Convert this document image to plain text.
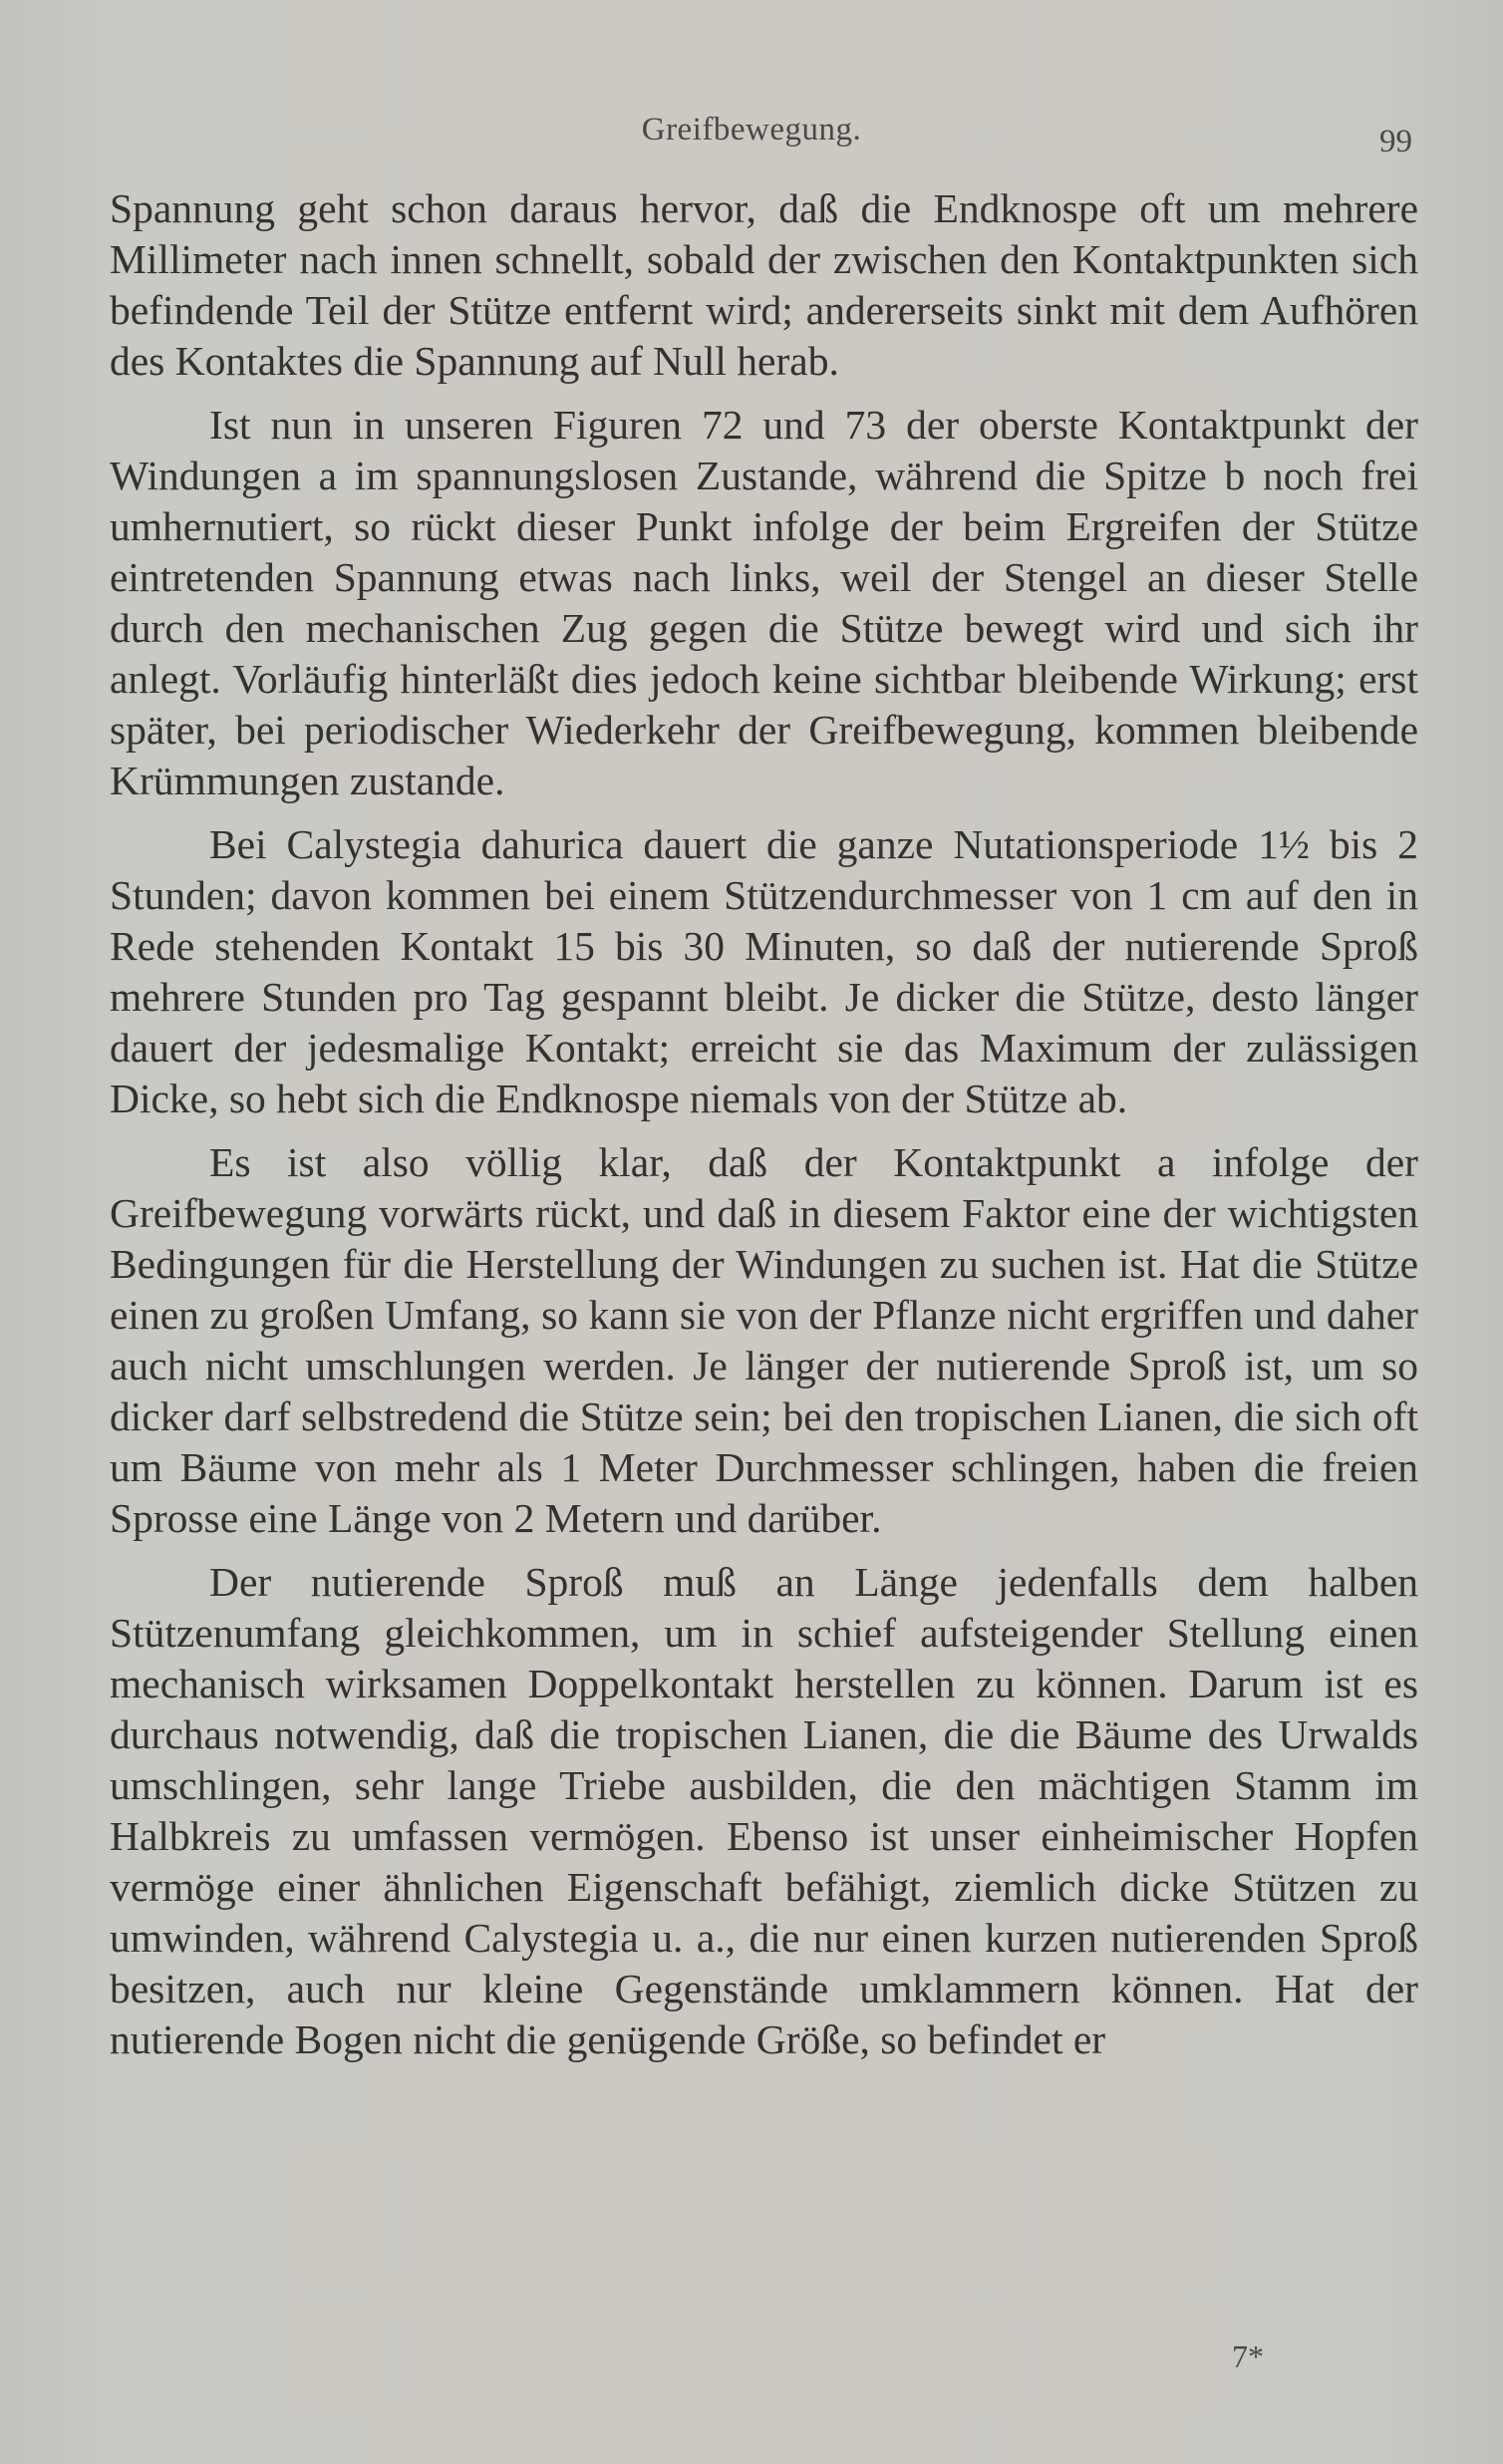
Greifbewegung.	99

Spannung geht schon daraus hervor, daß die Endknospe oft um mehrere Millimeter nach innen schnellt, sobald der zwischen den Kontaktpunkten sich befindende Teil der Stütze entfernt wird; andererseits sinkt mit dem Aufhören des Kontaktes die Spannung auf Null herab.

Ist nun in unseren Figuren 72 und 73 der oberste Kontaktpunkt der Windungen a im spannungslosen Zustande, während die Spitze b noch frei umhernutiert, so rückt dieser Punkt infolge der beim Ergreifen der Stütze eintretenden Spannung etwas nach links, weil der Stengel an dieser Stelle durch den mechanischen Zug gegen die Stütze bewegt wird und sich ihr anlegt. Vorläufig hinterläßt dies jedoch keine sichtbar bleibende Wirkung; erst später, bei periodischer Wiederkehr der Greifbewegung, kommen bleibende Krümmungen zustande.

Bei Calystegia dahurica dauert die ganze Nutationsperiode 1½ bis 2 Stunden; davon kommen bei einem Stützendurchmesser von 1 cm auf den in Rede stehenden Kontakt 15 bis 30 Minuten, so daß der nutierende Sproß mehrere Stunden pro Tag gespannt bleibt. Je dicker die Stütze, desto länger dauert der jedesmalige Kontakt; erreicht sie das Maximum der zulässigen Dicke, so hebt sich die Endknospe niemals von der Stütze ab.

Es ist also völlig klar, daß der Kontaktpunkt a infolge der Greifbewegung vorwärts rückt, und daß in diesem Faktor eine der wichtigsten Bedingungen für die Herstellung der Windungen zu suchen ist. Hat die Stütze einen zu großen Umfang, so kann sie von der Pflanze nicht ergriffen und daher auch nicht umschlungen werden. Je länger der nutierende Sproß ist, um so dicker darf selbstredend die Stütze sein; bei den tropischen Lianen, die sich oft um Bäume von mehr als 1 Meter Durchmesser schlingen, haben die freien Sprosse eine Länge von 2 Metern und darüber.

Der nutierende Sproß muß an Länge jedenfalls dem halben Stützenumfang gleichkommen, um in schief aufsteigender Stellung einen mechanisch wirksamen Doppelkontakt herstellen zu können. Darum ist es durchaus notwendig, daß die tropischen Lianen, die die Bäume des Urwalds umschlingen, sehr lange Triebe ausbilden, die den mächtigen Stamm im Halbkreis zu umfassen vermögen. Ebenso ist unser einheimischer Hopfen vermöge einer ähnlichen Eigenschaft befähigt, ziemlich dicke Stützen zu umwinden, während Calystegia u. a., die nur einen kurzen nutierenden Sproß besitzen, auch nur kleine Gegenstände umklammern können. Hat der nutierende Bogen nicht die genügende Größe, so befindet er

7*
